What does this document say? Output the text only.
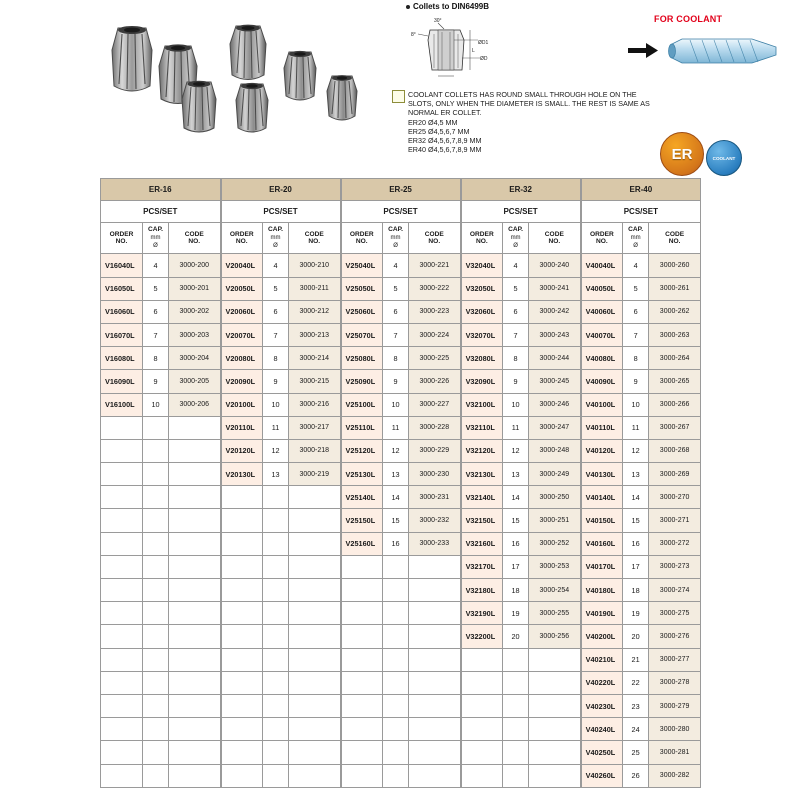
Collets to DIN6499B
30°
8°
L
ØD1
ØD
FOR COOLANT
COOLANT COLLETS HAS ROUND SMALL THROUGH HOLE ON THE SLOTS, ONLY WHEN THE DIAMETER IS SMALL. THE REST IS SAME AS NORMAL ER COLLET.
ER20 Ø4,5 MM
ER25 Ø4,5,6,7 MM
ER32 Ø4,5,6,7,8,9 MM
ER40 Ø4,5,6,7,8,9 MM	ER	COOLANT
ER-16			ER-20			ER-25			ER-32			ER-40		
PCS/SET			PCS/SET			PCS/SET			PCS/SET			PCS/SET		
ORDER
NO.	CAP.
mm
Ø	CODE
NO.	ORDER
NO.	CAP.
mm
Ø	CODE
NO.	ORDER
NO.	CAP.
mm
Ø	CODE
NO.	ORDER
NO.	CAP.
mm
Ø	CODE
NO.	ORDER
NO.	CAP.
mm
Ø	CODE
NO.
V16040L	4	3000-200	V20040L	4	3000-210	V25040L	4	3000-221	V32040L	4	3000-240	V40040L	4	3000-260
V16050L	5	3000-201	V20050L	5	3000-211	V25050L	5	3000-222	V32050L	5	3000-241	V40050L	5	3000-261
V16060L	6	3000-202	V20060L	6	3000-212	V25060L	6	3000-223	V32060L	6	3000-242	V40060L	6	3000-262
V16070L	7	3000-203	V20070L	7	3000-213	V25070L	7	3000-224	V32070L	7	3000-243	V40070L	7	3000-263
V16080L	8	3000-204	V20080L	8	3000-214	V25080L	8	3000-225	V32080L	8	3000-244	V40080L	8	3000-264
V16090L	9	3000-205	V20090L	9	3000-215	V25090L	9	3000-226	V32090L	9	3000-245	V40090L	9	3000-265
V16100L	10	3000-206	V20100L	10	3000-216	V25100L	10	3000-227	V32100L	10	3000-246	V40100L	10	3000-266
			V20110L	11	3000-217	V25110L	11	3000-228	V32110L	11	3000-247	V40110L	11	3000-267
			V20120L	12	3000-218	V25120L	12	3000-229	V32120L	12	3000-248	V40120L	12	3000-268
			V20130L	13	3000-219	V25130L	13	3000-230	V32130L	13	3000-249	V40130L	13	3000-269
						V25140L	14	3000-231	V32140L	14	3000-250	V40140L	14	3000-270
						V25150L	15	3000-232	V32150L	15	3000-251	V40150L	15	3000-271
						V25160L	16	3000-233	V32160L	16	3000-252	V40160L	16	3000-272
									V32170L	17	3000-253	V40170L	17	3000-273
									V32180L	18	3000-254	V40180L	18	3000-274
									V32190L	19	3000-255	V40190L	19	3000-275
									V32200L	20	3000-256	V40200L	20	3000-276
												V40210L	21	3000-277
												V40220L	22	3000-278
												V40230L	23	3000-279
												V40240L	24	3000-280
												V40250L	25	3000-281
												V40260L	26	3000-282
